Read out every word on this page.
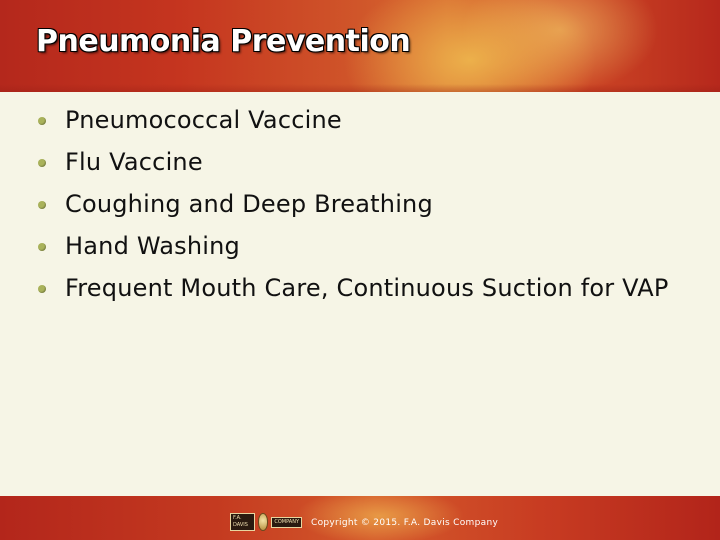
Pneumonia Prevention
Pneumococcal Vaccine
Flu Vaccine
Coughing and Deep Breathing
Hand Washing
Frequent Mouth Care, Continuous Suction for VAP
F.A. DAVIS
COMPANY	Copyright © 2015. F.A. Davis Company
